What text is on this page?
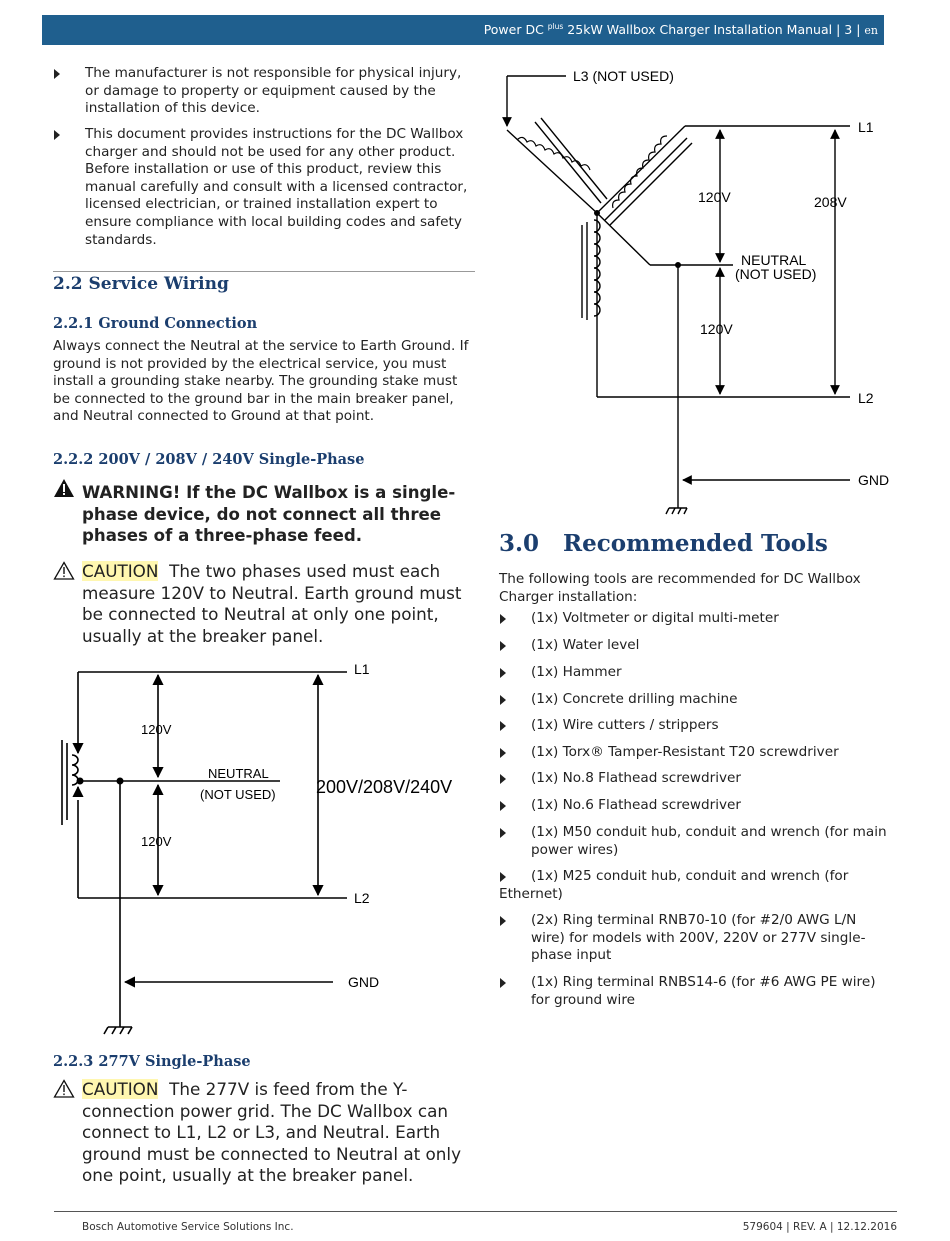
Power DC $^{plus}$ 25kW Wallbox Charger Installation Manual | 3 | en
The manufacturer is not responsible for physical injury, or damage to property or equipment caused by the installation of this device.
This document provides instructions for the DC Wallbox charger and should not be used for any other product. Before installation or use of this product, review this manual carefully and consult with a licensed contractor, licensed electrician, or trained installation expert to ensure compliance with local building codes and safety standards.
2.2 Service Wiring
2.2.1 Ground Connection
Always connect the Neutral at the service to Earth Ground. If ground is not provided by the electrical service, you must install a grounding stake nearby. The grounding stake must be connected to the ground bar in the main breaker panel, and Neutral connected to Ground at that point.
2.2.2 200V / 208V / 240V Single-Phase
WARNING! If the DC Wallbox is a single-phase device, do not connect all three phases of a three-phase feed.
CAUTION The two phases used must each measure 120V to Neutral. Earth ground must be connected to Neutral at only one point, usually at the breaker panel.
L1
L2
120V
120V
NEUTRAL
(NOT USED) 200V/208V/240V
GND
2.2.3 277V Single-Phase
CAUTION The 277V is feed from the Y-connection power grid. The DC Wallbox can connect to L1, L2 or L3, and Neutral. Earth ground must be connected to Neutral at only one point, usually at the breaker panel.
L3 (NOT USED)
L1
L2
120V
120V
208V
NEUTRAL
(NOT USED)
GND
3.0 Recommended Tools
The following tools are recommended for DC Wallbox Charger installation:
(1x) Voltmeter or digital multi-meter
(1x) Water level
(1x) Hammer
(1x) Concrete drilling machine
(1x) Wire cutters / strippers
(1x) Torx® Tamper-Resistant T20 screwdriver
(1x) No.8 Flathead screwdriver
(1x) No.6 Flathead screwdriver
(1x) M50 conduit hub, conduit and wrench (for main power wires)
(1x) M25 conduit hub, conduit and wrench (for Ethernet)
(2x) Ring terminal RNB70-10 (for #2/0 AWG L/N wire) for models with 200V, 220V or 277V single-phase input
(1x) Ring terminal RNBS14-6 (for #6 AWG PE wire) for ground wire
Bosch Automotive Service Solutions Inc.	579604 | REV. A | 12.12.2016
